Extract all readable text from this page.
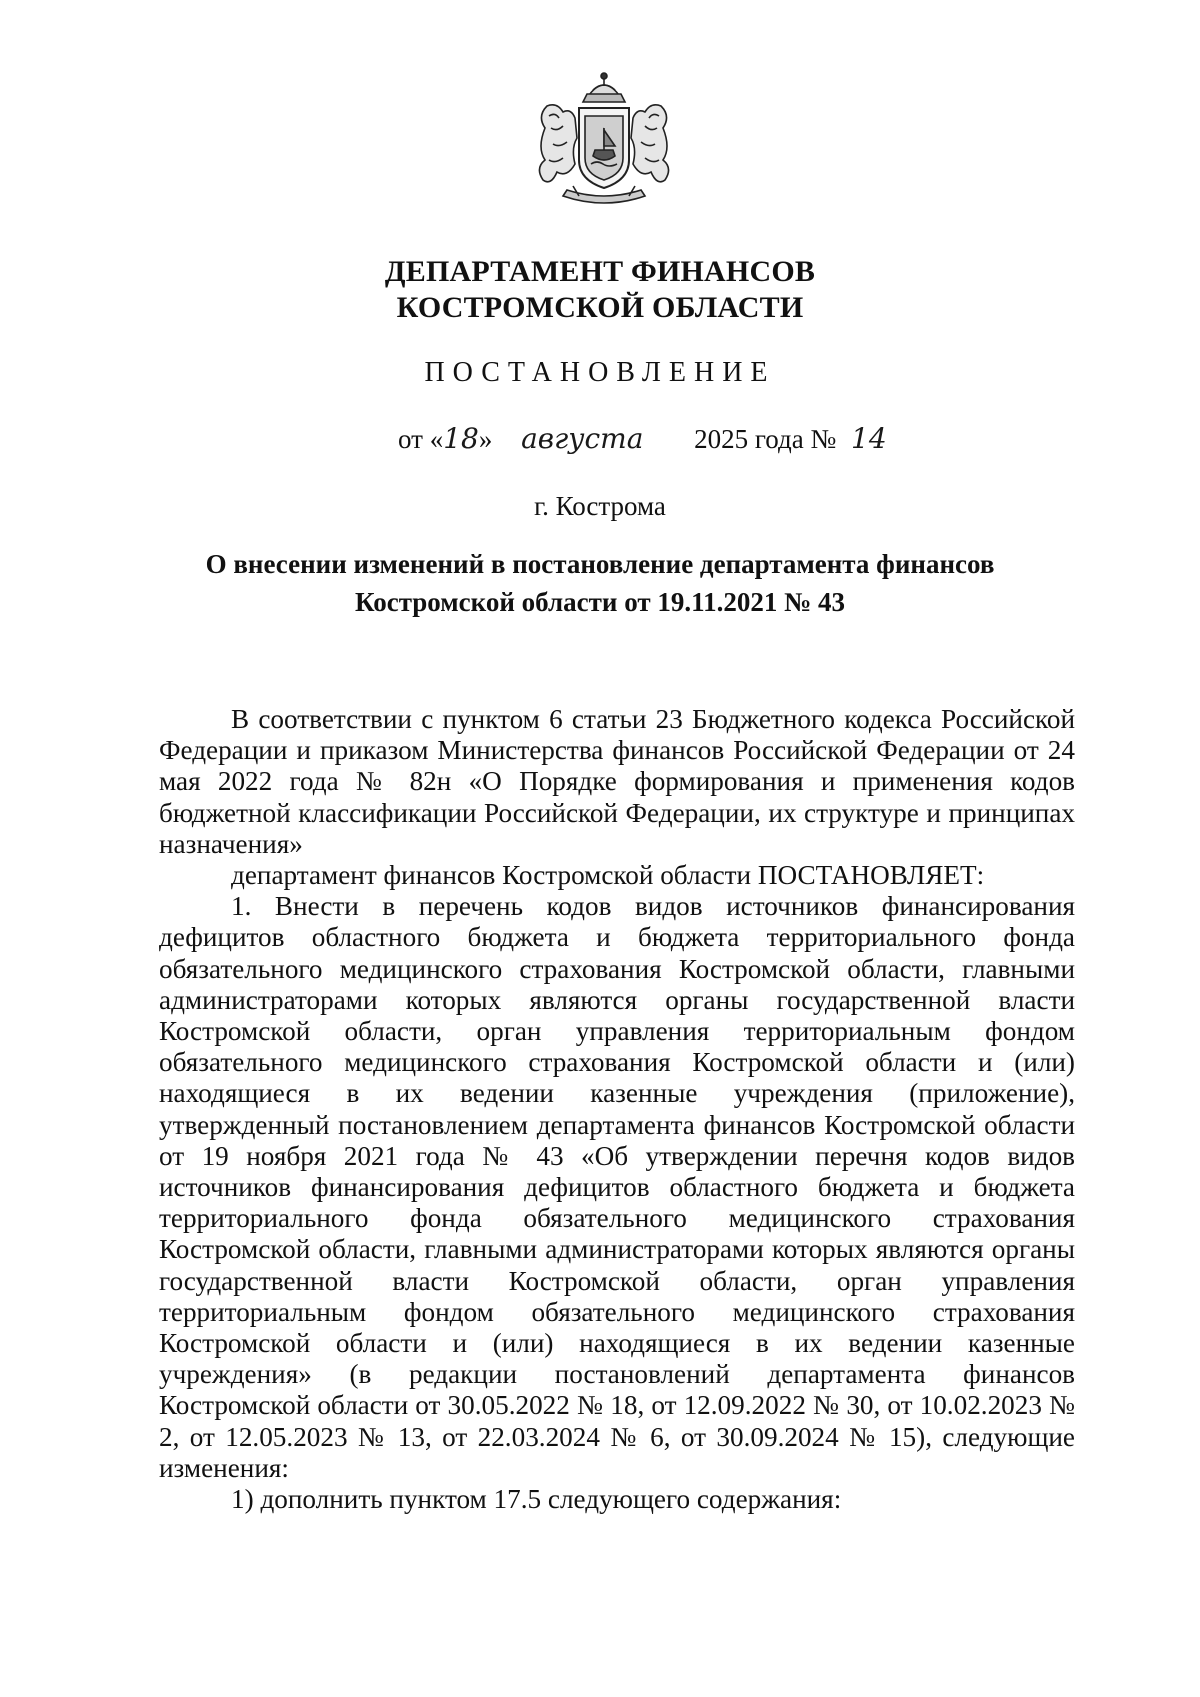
ДЕПАРТАМЕНТ ФИНАНСОВ
КОСТРОМСКОЙ ОБЛАСТИ
ПОСТАНОВЛЕНИЕ
от «18» августа 2025 года № 14
г. Кострома
О внесении изменений в постановление департамента финансов
Костромской области от 19.11.2021 № 43

В соответствии с пунктом 6 статьи 23 Бюджетного кодекса Российской Федерации и приказом Министерства финансов Российской Федерации от 24 мая 2022 года № 82н «О Порядке формирования и применения кодов бюджетной классификации Российской Федерации, их структуре и принципах назначения»

департамент финансов Костромской области ПОСТАНОВЛЯЕТ:

1. Внести в перечень кодов видов источников финансирования дефицитов областного бюджета и бюджета территориального фонда обязательного медицинского страхования Костромской области, главными администраторами которых являются органы государственной власти Костромской области, орган управления территориальным фондом обязательного медицинского страхования Костромской области и (или) находящиеся в их ведении казенные учреждения (приложение), утвержденный постановлением департамента финансов Костромской области от 19 ноября 2021 года № 43 «Об утверждении перечня кодов видов источников финансирования дефицитов областного бюджета и бюджета территориального фонда обязательного медицинского страхования Костромской области, главными администраторами которых являются органы государственной власти Костромской области, орган управления территориальным фондом обязательного медицинского страхования Костромской области и (или) находящиеся в их ведении казенные учреждения» (в редакции постановлений департамента финансов Костромской области от 30.05.2022 № 18, от 12.09.2022 № 30, от 10.02.2023 № 2, от 12.05.2023 № 13, от 22.03.2024 № 6, от 30.09.2024 № 15), следующие изменения:

1) дополнить пунктом 17.5 следующего содержания:
